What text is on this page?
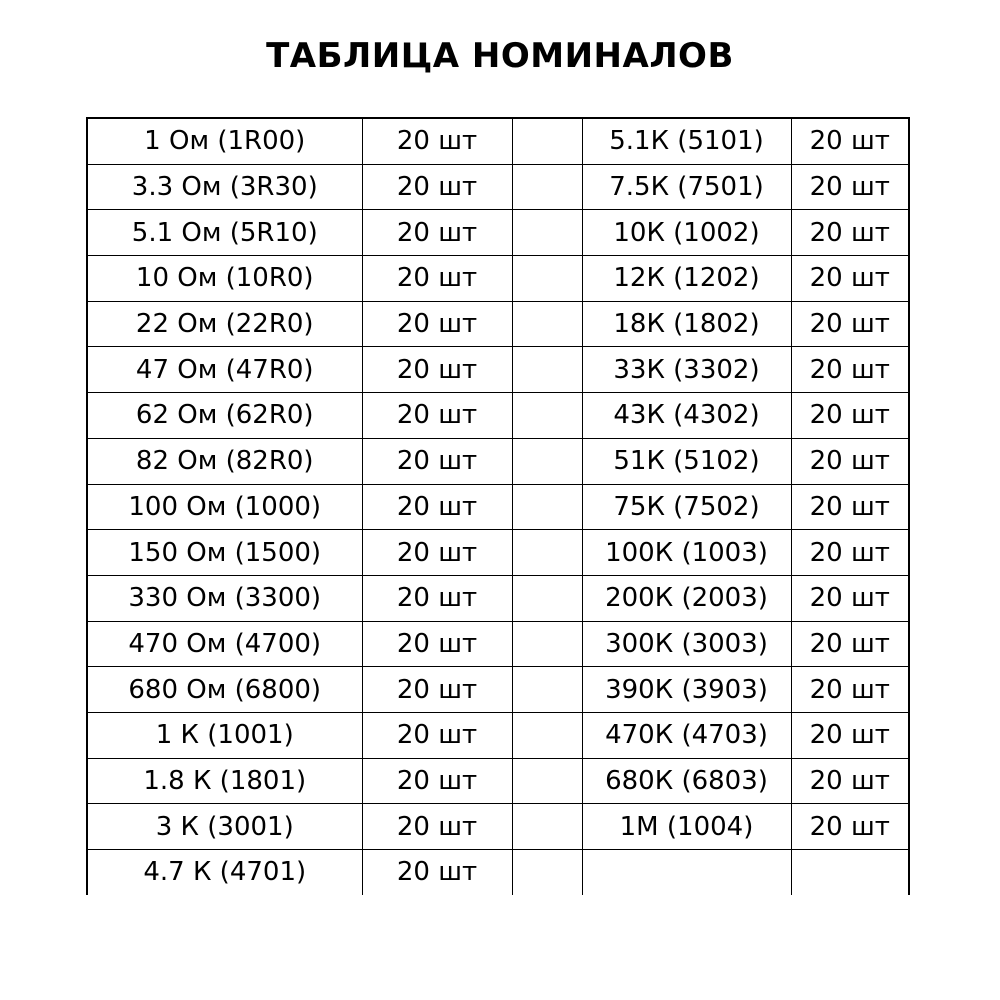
ТАБЛИЦА НОМИНАЛОВ
1 Ом (1R00)	20 шт		5.1К (5101)	20 шт
3.3 Ом (3R30)	20 шт		7.5К (7501)	20 шт
5.1 Ом (5R10)	20 шт		10К (1002)	20 шт
10 Ом (10R0)	20 шт		12К (1202)	20 шт
22 Ом (22R0)	20 шт		18К (1802)	20 шт
47 Ом (47R0)	20 шт		33К (3302)	20 шт
62 Ом (62R0)	20 шт		43К (4302)	20 шт
82 Ом (82R0)	20 шт		51К (5102)	20 шт
100 Ом (1000)	20 шт		75К (7502)	20 шт
150 Ом (1500)	20 шт		100К (1003)	20 шт
330 Ом (3300)	20 шт		200К (2003)	20 шт
470 Ом (4700)	20 шт		300К (3003)	20 шт
680 Ом (6800)	20 шт		390К (3903)	20 шт
1 К (1001)	20 шт		470К (4703)	20 шт
1.8 К (1801)	20 шт		680К (6803)	20 шт
3 К (3001)	20 шт		1М (1004)	20 шт
4.7 К (4701)	20 шт			
